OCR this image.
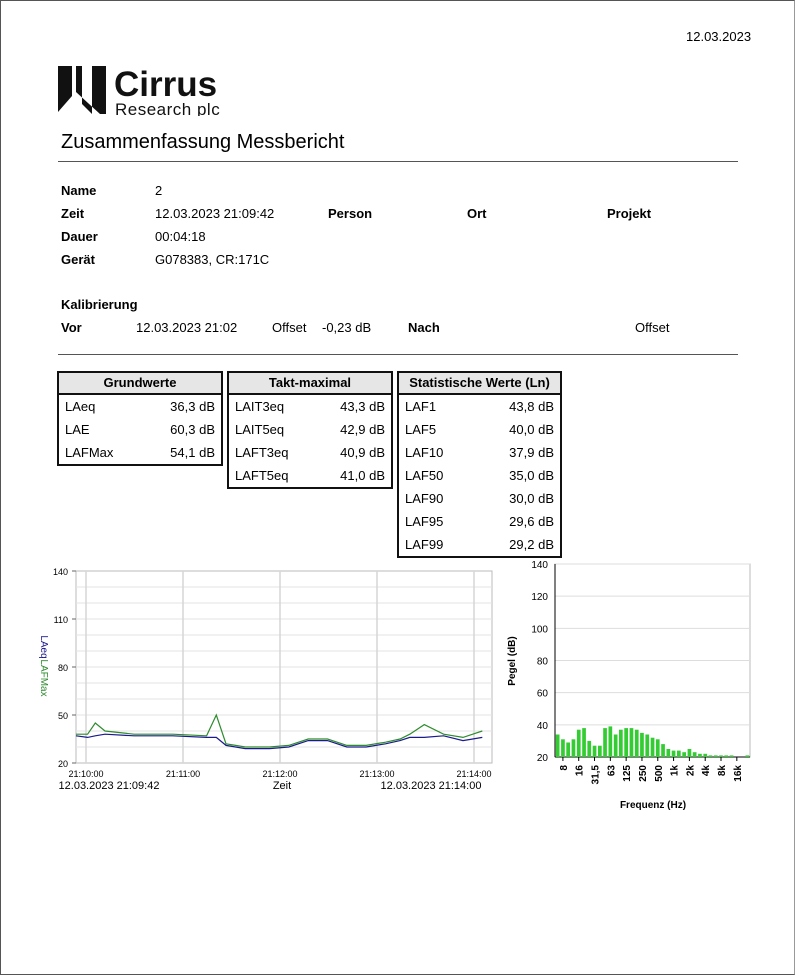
12.03.2023
Cirrus
Research plc
Zusammenfassung Messbericht
Name	2
Zeit	12.03.2023 21:09:42	Person	Ort	Projekt
Dauer	00:04:18
Gerät	G078383, CR:171C
Kalibrierung
Vor	12.03.2023 21:02	Offset -0,23 dB	Nach	Offset
Grundwerte
LAeq	36,3 dB
LAE	60,3 dB
LAFMax	54,1 dB
Takt-maximal
LAIT3eq	43,3 dB
LAIT5eq	42,9 dB
LAFT3eq	40,9 dB
LAFT5eq	41,0 dB
Statistische Werte (Ln)
LAF1	43,8 dB
LAF5	40,0 dB
LAF10	37,9 dB
LAF50	35,0 dB
LAF90	30,0 dB
LAF95	29,6 dB
LAF99	29,2 dB
140
110
80
50
20
21:10:00	21:11:00	21:12:00	21:13:00	21:14:00
LAeq
LAFMax
12.03.2023 21:09:42	Zeit	12.03.2023 21:14:00
140
120
100
80
60
40
20
8 16 31,5 63 125 250 500 1k 2k 4k 8k 16k
Pegel (dB)
Frequenz (Hz)
